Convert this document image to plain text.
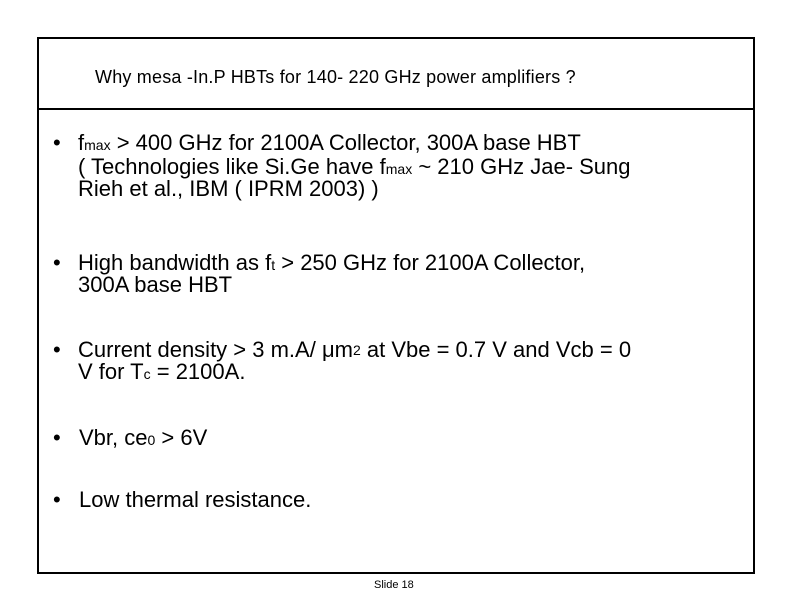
Why mesa -In.P HBTs for 140- 220 GHz power amplifiers ?
• fmax > 400 GHz for 2100A Collector, 300A base HBT
( Technologies like Si.Ge have fmax ~ 210 GHz Jae- Sung
Rieh et al., IBM ( IPRM 2003) )
• High bandwidth as ft > 250 GHz for 2100A Collector,
300A base HBT
• Current density > 3 m.A/ $\mu m^2$ at Vbe = 0.7 V and Vcb = 0
V for Tc = 2100A.
• Vbr, ce0 > 6V
• Low thermal resistance.
Slide 18
